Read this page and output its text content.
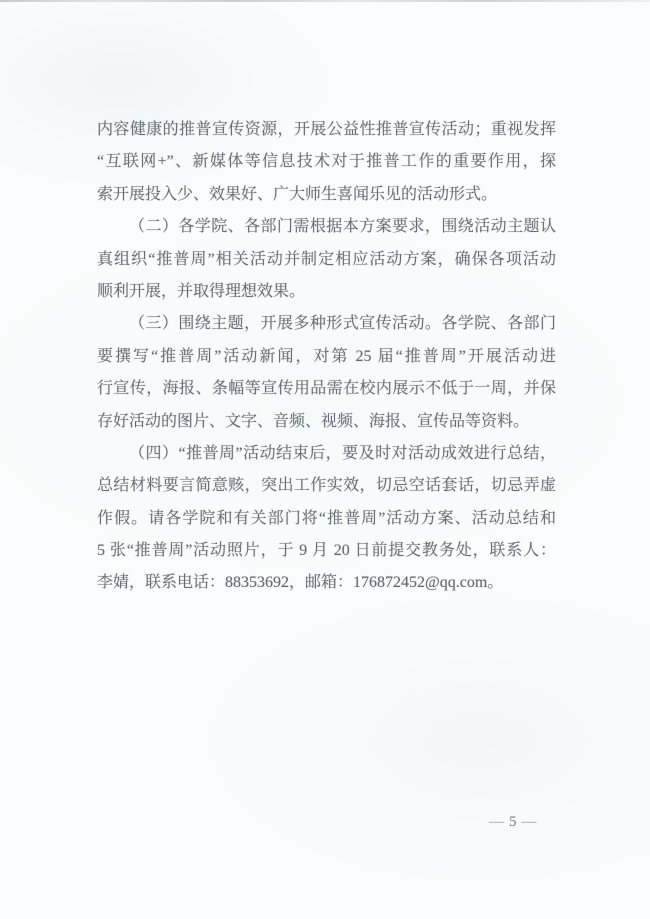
内容健康的推普宣传资源，开展公益性推普宣传活动；重视发挥
“互联网+”、新媒体等信息技术对于推普工作的重要作用，探
索开展投入少、效果好、广大师生喜闻乐见的活动形式。
（二）各学院、各部门需根据本方案要求，围绕活动主题认
真组织“推普周”相关活动并制定相应活动方案，确保各项活动
顺利开展，并取得理想效果。
（三）围绕主题，开展多种形式宣传活动。各学院、各部门
要撰写“推普周”活动新闻，对第 25 届“推普周”开展活动进
行宣传，海报、条幅等宣传用品需在校内展示不低于一周，并保
存好活动的图片、文字、音频、视频、海报、宣传品等资料。
（四）“推普周”活动结束后，要及时对活动成效进行总结，
总结材料要言简意赅，突出工作实效，切忌空话套话，切忌弄虚
作假。请各学院和有关部门将“推普周”活动方案、活动总结和
5 张“推普周”活动照片，于 9 月 20 日前提交教务处，联系人：
李婧，联系电话：88353692，邮箱：176872452@qq.com。
— 5 —
